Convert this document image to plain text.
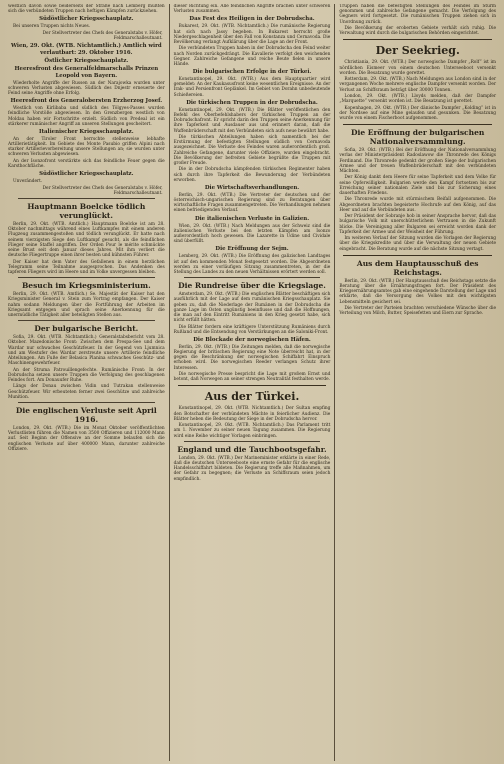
westlich davon sowie beiderseits der Straße nach Lemberg mußten sich die verbündeten Truppen nach heftigen Kämpfen zurückziehen.

Südöstlicher Kriegsschauplatz.

Bei unseren Truppen nichts Neues.

Der Stellvertreter des Chefs des Generalstabs v. Höfer, Feldmarschalleutnant.
Wien, 29. Okt. (WTB. Nichtamtlich.) Amtlich wird verlautbart: 29. Oktober 1916.
Östlicher Kriegsschauplatz.
Heeresfront des Generalfeldmarschalls Prinzen Leopold von Bayern.

Wiederholte Angriffe der Russen an der Narajowka wurden unter schweren Verlusten abgewiesen. Südlich des Dnjestr erneuerte der Feind seine Angriffe ohne Erfolg.

Heeresfront des Generalobersten Erzherzog Josef.

Westlich von Kirlibaba und südlich des Tölgyes-Passes wurden feindliche Vorstöße abgewiesen. In den Grenzbergen westlich von Moldau haben wir Fortschritte erzielt. Südlich von Predeal ist ein stärkerer rumänischer Angriff an unseren Stellungen gescheitert.

Italienischer Kriegsschauplatz.

An der Tiroler Front herrschte stellenweise lebhafte Artillerietätigkeit. Im Gebiete des Monte Pasubio griffen Alpini nach starker Artillerievorbereitung unsere Stellungen an; sie wurden unter schweren Verlusten abgewiesen.

An der Isonzofront verstärkte sich das feindliche Feuer gegen die Karsthochfläche.

Südöstlicher Kriegsschauplatz.

Unverändert.

Der Stellvertreter des Chefs des Generalstabs v. Höfer, Feldmarschalleutnant.
Hauptmann Boelcke tödlich verunglückt.

Berlin, 29. Okt. (WTB. Amtlich.) Hauptmann Boelcke ist am 28. Oktober nachmittags während eines Luftkampfes mit einem anderen Flugzeug zusammengestoßen und tödlich verunglückt. Er hatte nach seinem vierzigsten Siege den Luftkampf gesucht, als die feindlichen Flieger seine Staffel angriffen. Der Orden Pour le mérite schmückte seine Brust seit dem Januar dieses Jahres. Mit ihm verliert die deutsche Fliegertruppe einen ihrer besten und kühnsten Führer.

Der Kaiser hat dem Vater des Gefallenen in einem herzlichen Telegramm seine Teilnahme ausgesprochen. Das Andenken des tapferen Fliegers wird im Heere und im Volke unvergessen bleiben.

Besuch im Kriegsministerium.

Berlin, 29. Okt. (WTB. Amtlich.) Se. Majestät der Kaiser hat den Kriegsminister General v. Stein zum Vortrag empfangen. Der Kaiser nahm sodann Meldungen über die Fortführung der Arbeiten im Kriegsamt entgegen und sprach seine Anerkennung für die unermüdliche Tätigkeit aller beteiligten Stellen aus.

Der bulgarische Bericht.

Sofia, 29. Okt. (WTB. Nichtamtlich.) Generalstabsbericht vom 28. Oktober. Mazedonische Front: Zwischen dem Prespa-See und dem Wardar nur schwaches Geschützfeuer. In der Gegend von Ljumnica und am Westufer des Wardar zerstreute unsere Artillerie feindliche Abteilungen. Am Fuße der Belasica Planina schwaches Geschütz- und Maschinengewehrfeuer.

An der Struma Patrouillengefechte. Rumänische Front: In der Dobrudscha setzen unsere Truppen die Verfolgung des geschlagenen Feindes fort. Am Donauufer Ruhe.

Längs der Donau zwischen Vidin und Tutrakan stellenweise Geschützfeuer. Wir erbeuteten ferner zwei Geschütze und zahlreiche Munition.

Die englischen Verluste seit April 1916.

London, 29. Okt. (WTB.) Die im Monat Oktober veröffentlichten Verlustlisten führen die Namen von 3500 Offizieren und 112000 Mann auf. Seit Beginn der Offensive an der Somme belaufen sich die englischen Verluste auf über 400000 Mann, darunter zahlreiche Offiziere.

dieser Richtung ein. Alle feindlichen Angriffe brachen unter schweren Verlusten zusammen.

Das Fest des Heiligen in der Dobrudscha.

Bukarest, 29. Okt. (WTB. Nichtamtlich.) Die rumänische Regierung hat sich nach Jassy begeben. In Bukarest herrscht große Niedergeschlagenheit über den Fall von Konstanza und Cernavoda. Die Bevölkerung verlangt Aufklärung über die Lage an der Front.

Die verbündeten Truppen haben in der Dobrudscha den Feind weiter nach Norden zurückgedrängt. Die Kavallerie verfolgt den weichenden Gegner. Zahlreiche Gefangene und reiche Beute fielen in unsere Hände.

Die bulgarischen Erfolge in der Türkei.

Konstantinopel, 29. Okt. (WTB.) Aus dem Hauptquartier wird gemeldet: An der Kaukasusfront keine wesentlichen Ereignisse. An der Irak- und Persienfront Geplänkel. Im Gebiet von Dorahn unbedeutende Schießereien.

Die türkischen Truppen in der Dobrudscha.

Konstantinopel, 29. Okt. (WTB.) Die Blätter veröffentlichen den Befehl des Oberbefehlshabers der türkischen Truppen an der Dobrudschafront. Er spricht darin den Truppen seine Anerkennung für ihre Tapferkeit und Ausdauer aus und erinnert daran, daß die Waffenbrüderschaft mit den Verbündeten sich aufs neue bewährt habe.

Die türkischen Abteilungen haben sich namentlich bei der Erstürmung der befestigten Stellungen südlich von Cernavoda ausgezeichnet. Die Verluste des Feindes waren außerordentlich groß. Zahlreiche Gefangene, darunter viele Offiziere, wurden eingebracht. Die Bevölkerung der befreiten Gebiete begrüßte die Truppen mit großer Freude.

Die in der Dobrudscha kämpfenden türkischen Regimenter haben sich durch ihre Tapferkeit die Bewunderung der Verbündeten erworben.

Die Wirtschaftsverhandlungen.

Berlin, 29. Okt. (WTB.) Die Vertreter der deutschen und der österreichisch-ungarischen Regierung sind zu Beratungen über wirtschaftliche Fragen zusammengetreten. Die Verhandlungen nehmen einen befriedigenden Verlauf.

Die italienischen Verluste in Galizien.

Wien, 29. Okt. (WTB.) Nach Meldungen aus der Schweiz sind die italienischen Verluste bei den letzten Kämpfen am Isonzo außerordentlich hoch gewesen. Die Lazarette in Udine und Cividale sind überfüllt.

Die Eröffnung der Sejm.

Lemberg, 29. Okt. (WTB.) Die Eröffnung des galizischen Landtages ist auf den kommenden Monat festgesetzt worden. Die Abgeordneten werden zu einer vorläufigen Sitzung zusammentreten, in der die Stellung des Landes zu den neuen Verhältnissen erörtert werden soll.

Die Rundreise über die Kriegslage.

Amsterdam, 29. Okt. (WTB.) Die englischen Blätter beschäftigen sich ausführlich mit der Lage auf dem rumänischen Kriegsschauplatz. Sie geben zu, daß die Niederlage der Rumänen in der Dobrudscha die ganze Lage im Osten ungünstig beeinflusse und daß die Hoffnungen, die man auf den Eintritt Rumäniens in den Krieg gesetzt habe, sich nicht erfüllt hätten.

Die Blätter fordern eine kräftigere Unterstützung Rumäniens durch Rußland und die Entsendung von Verstärkungen an die Saloniki-Front.

Die Blockade der norwegischen Häfen.

Berlin, 29. Okt. (WTB.) Die Zeitungen melden, daß die norwegische Regierung der britischen Regierung eine Note überreicht hat, in der gegen die Beschränkung der norwegischen Schiffahrt Einspruch erhoben wird. Die norwegischen Reeder verlangen Schutz ihrer Interessen.

Die norwegische Presse bespricht die Lage mit großem Ernst und betont, daß Norwegen an seiner strengen Neutralität festhalten werde.

Aus der Türkei.

Konstantinopel, 29. Okt. (WTB. Nichtamtlich.) Der Sultan empfing den Botschafter der verbündeten Mächte in feierlicher Audienz. Die Blätter heben die Bedeutung der Siege in der Dobrudscha hervor.

Konstantinopel, 29. Okt. (WTB. Nichtamtlich.) Das Parlament tritt am 1. November zu seiner neuen Tagung zusammen. Die Regierung wird eine Reihe wichtiger Vorlagen einbringen.

England und die Tauchbootsgefahr.

London, 29. Okt. (WTB.) Der Marineminister erklärte in einer Rede, daß die deutschen Unterseeboote eine ernste Gefahr für die englische Handelsschiffahrt bildeten. Die Regierung treffe alle Maßnahmen, um der Gefahr zu begegnen; die Verluste an Schiffsraum seien jedoch empfindlich.

Truppen haben die befestigten Stellungen des Feindes im Sturm genommen und zahlreiche Gefangene gemacht. Die Verfolgung des Gegners wird fortgesetzt. Die rumänischen Truppen ziehen sich in Unordnung zurück.

Die Bevölkerung der eroberten Gebiete verhält sich ruhig. Die Verwaltung wird durch die bulgarischen Behörden eingerichtet.

Der Seekrieg.

Christiania, 29. Okt. (WTB.) Der norwegische Dampfer „Rolf“ ist im nördlichen Eismeer von einem deutschen Unterseeboot versenkt worden. Die Besatzung wurde gerettet.

Rotterdam, 29. Okt. (WTB.) Nach Meldungen aus London sind in der vergangenen Woche mehrere englische Dampfer versenkt worden. Der Verlust an Schiffsraum beträgt über 30000 Tonnen.

London, 29. Okt. (WTB.) Lloyds melden, daß der Dampfer „Marquette“ versenkt worden ist. Die Besatzung ist gerettet.

Kopenhagen, 29. Okt. (WTB.) Der dänische Dampfer „Kolding“ ist in der Nordsee auf eine Mine gelaufen und gesunken. Die Besatzung wurde von einem Fischerboot aufgenommen.

Die Eröffnung der bulgarischen Nationalversammlung.

Sofia, 29. Okt. (WTB.) Bei der Eröffnung der Nationalversammlung verlas der Ministerpräsident Radoslawow die Thronrede des Königs Ferdinand. Die Thronrede gedenkt der großen Siege der bulgarischen Armee und der treuen Waffenbrüderschaft mit den verbündeten Mächten.

Der König dankt dem Heere für seine Tapferkeit und dem Volke für seine Opferwilligkeit. Bulgarien werde den Kampf fortsetzen bis zur Erreichung seiner nationalen Ziele und bis zur Sicherung eines dauerhaften Friedens.

Die Thronrede wurde mit stürmischem Beifall aufgenommen. Die Abgeordneten brachten begeisterte Hochrufe auf den König, auf das Heer und auf die Verbündeten aus.

Der Präsident der Sobranje hob in seiner Ansprache hervor, daß das bulgarische Volk mit unerschütterlichem Vertrauen in die Zukunft blicke. Die Vereinigung aller Bulgaren sei erreicht worden dank der Tapferkeit der Armee und der Weisheit der Führung.

Im weiteren Verlauf der Sitzung wurden die Vorlagen der Regierung über die Kriegskredite und über die Verwaltung der neuen Gebiete eingebracht. Die Beratung wurde auf die nächste Sitzung vertagt.

Aus dem Hauptausschuß des Reichstags.

Berlin, 29. Okt. (WTB.) Der Hauptausschuß des Reichstags setzte die Beratung über die Ernährungsfragen fort. Der Präsident des Kriegsernährungsamtes gab eine eingehende Darstellung der Lage und erklärte, daß die Versorgung des Volkes mit den wichtigsten Lebensmitteln gesichert sei.

Die Vertreter der Parteien brachten verschiedene Wünsche über die Verteilung von Milch, Butter, Speisefetten und Eiern zur Sprache.
